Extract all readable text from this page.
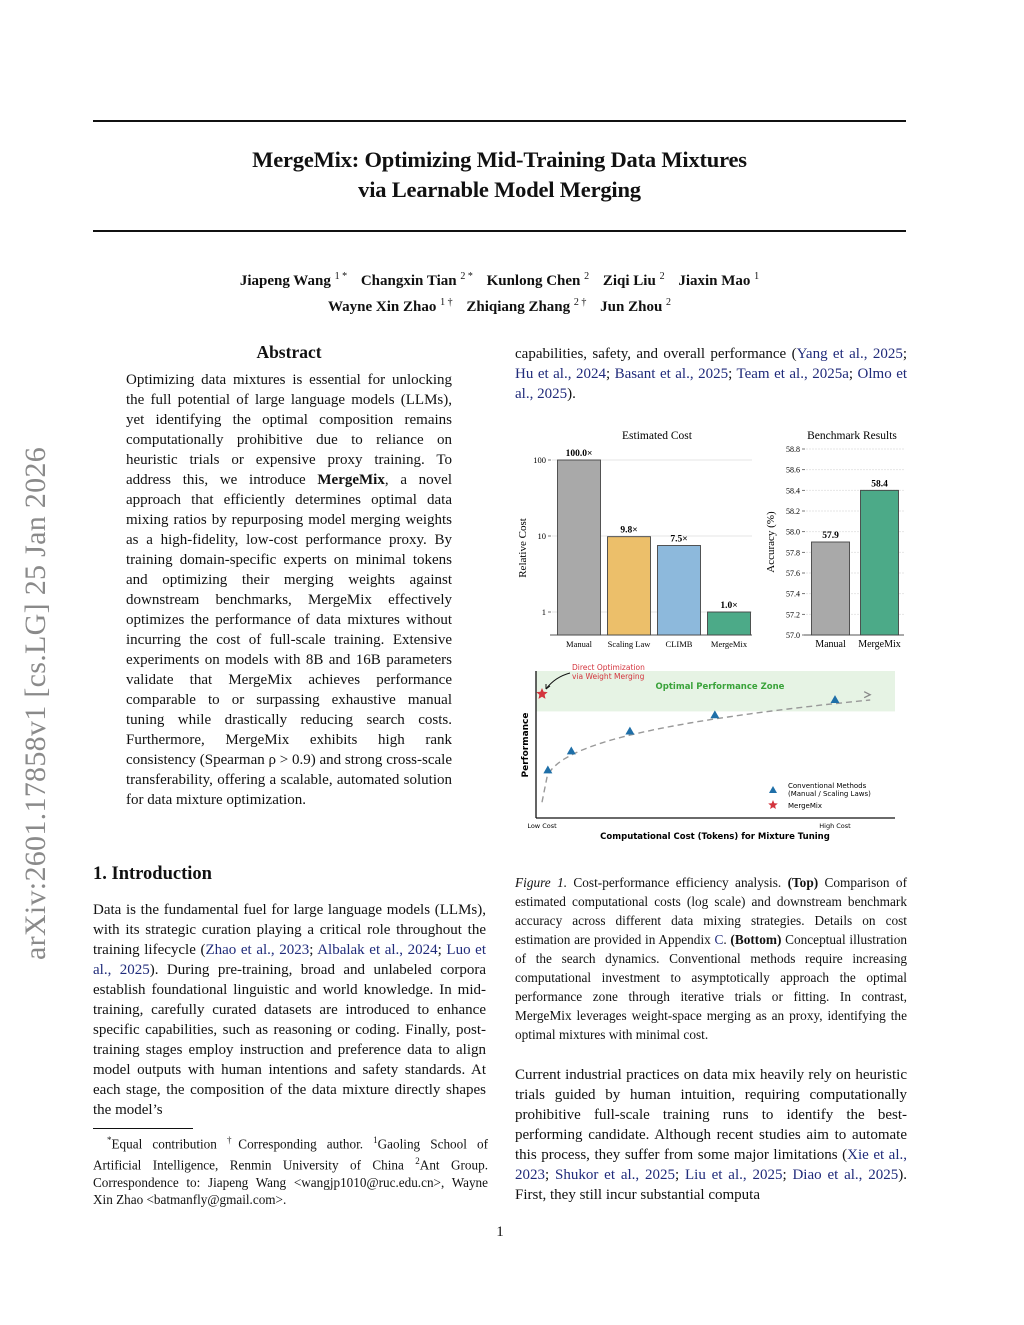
arXiv:2601.17858v1 [cs.LG] 25 Jan 2026
MergeMix: Optimizing Mid-Training Data Mixtures
via Learnable Model Merging
Jiapeng Wang $^{1 *}$ Changxin Tian $^{2 *}$ Kunlong Chen $^2$ Ziqi Liu $^2$ Jiaxin Mao $^1$
Wayne Xin Zhao $^{1 \dagger}$ Zhiqiang Zhang $^{2 \dagger}$ Jun Zhou $^2$
Abstract
Optimizing data mixtures is essential for unlocking the full potential of large language models (LLMs), yet identifying the optimal composition remains computationally prohibitive due to reliance on heuristic trials or expensive proxy training. To address this, we introduce MergeMix, a novel approach that efficiently determines optimal data mixing ratios by repurposing model merging weights as a high-fidelity, low-cost performance proxy. By training domain-specific experts on minimal tokens and optimizing their merging weights against downstream benchmarks, MergeMix effectively optimizes the performance of data mixtures without incurring the cost of full-scale training. Extensive experiments on models with 8B and 16B parameters validate that MergeMix achieves performance comparable to or surpassing exhaustive manual tuning while drastically reducing search costs. Furthermore, MergeMix exhibits high rank consistency (Spearman ρ > 0.9) and strong cross-scale transferability, offering a scalable, automated solution for data mixture optimization.
1. Introduction
Data is the fundamental fuel for large language models (LLMs), with its strategic curation playing a critical role throughout the training lifecycle (Zhao et al., 2023; Albalak et al., 2024; Luo et al., 2025). During pre-training, broad and unlabeled corpora establish foundational linguistic and world knowledge. In mid-training, carefully curated datasets are introduced to enhance specific capabilities, such as reasoning or coding. Finally, post-training stages employ instruction and preference data to align model outputs with human intentions and safety standards. At each stage, the composition of the data mixture directly shapes the model’s
*Equal contribution †Corresponding author. $^1$Gaoling School of Artificial Intelligence, Renmin University of China $^2$Ant Group. Correspondence to: Jiapeng Wang <wangjp1010@ruc.edu.cn>, Wayne Xin Zhao <batmanfly@gmail.com>.
capabilities, safety, and overall performance (Yang et al., 2025; Hu et al., 2024; Basant et al., 2025; Team et al., 2025a; Olmo et al., 2025).
Estimated Cost
1
10
100
Relative Cost
100.0×
Manual
9.8×
Scaling Law
7.5×
CLIMB
1.0×
MergeMix
Benchmark Results
57.0
57.2
57.4
57.6
57.8
58.0
58.2
58.4
58.6
58.8
Accuracy (%)	57.9
Manual
58.4
MergeMix
Optimal Performance Zone
Direct Optimization
via Weight Merging
Performance
Low Cost	High Cost
Computational Cost (Tokens) for Mixture Tuning
Conventional Methods
(Manual / Scaling Laws)
MergeMix
Figure 1. Cost-performance efficiency analysis. (Top) Comparison of estimated computational costs (log scale) and downstream benchmark accuracy across different data mixing strategies. Details on cost estimation are provided in Appendix C. (Bottom) Conceptual illustration of the search dynamics. Conventional methods require increasing computational investment to asymptotically approach the optimal performance zone through iterative trials or fitting. In contrast, MergeMix leverages weight-space merging as an proxy, identifying the optimal mixtures with minimal cost.
Current industrial practices on data mix heavily rely on heuristic trials guided by human intuition, requiring computationally prohibitive full-scale training runs to identify the best-performing candidate. Although recent studies aim to automate this process, they suffer from some major limitations (Xie et al., 2023; Shukor et al., 2025; Liu et al., 2025; Diao et al., 2025). First, they still incur substantial computa
1
